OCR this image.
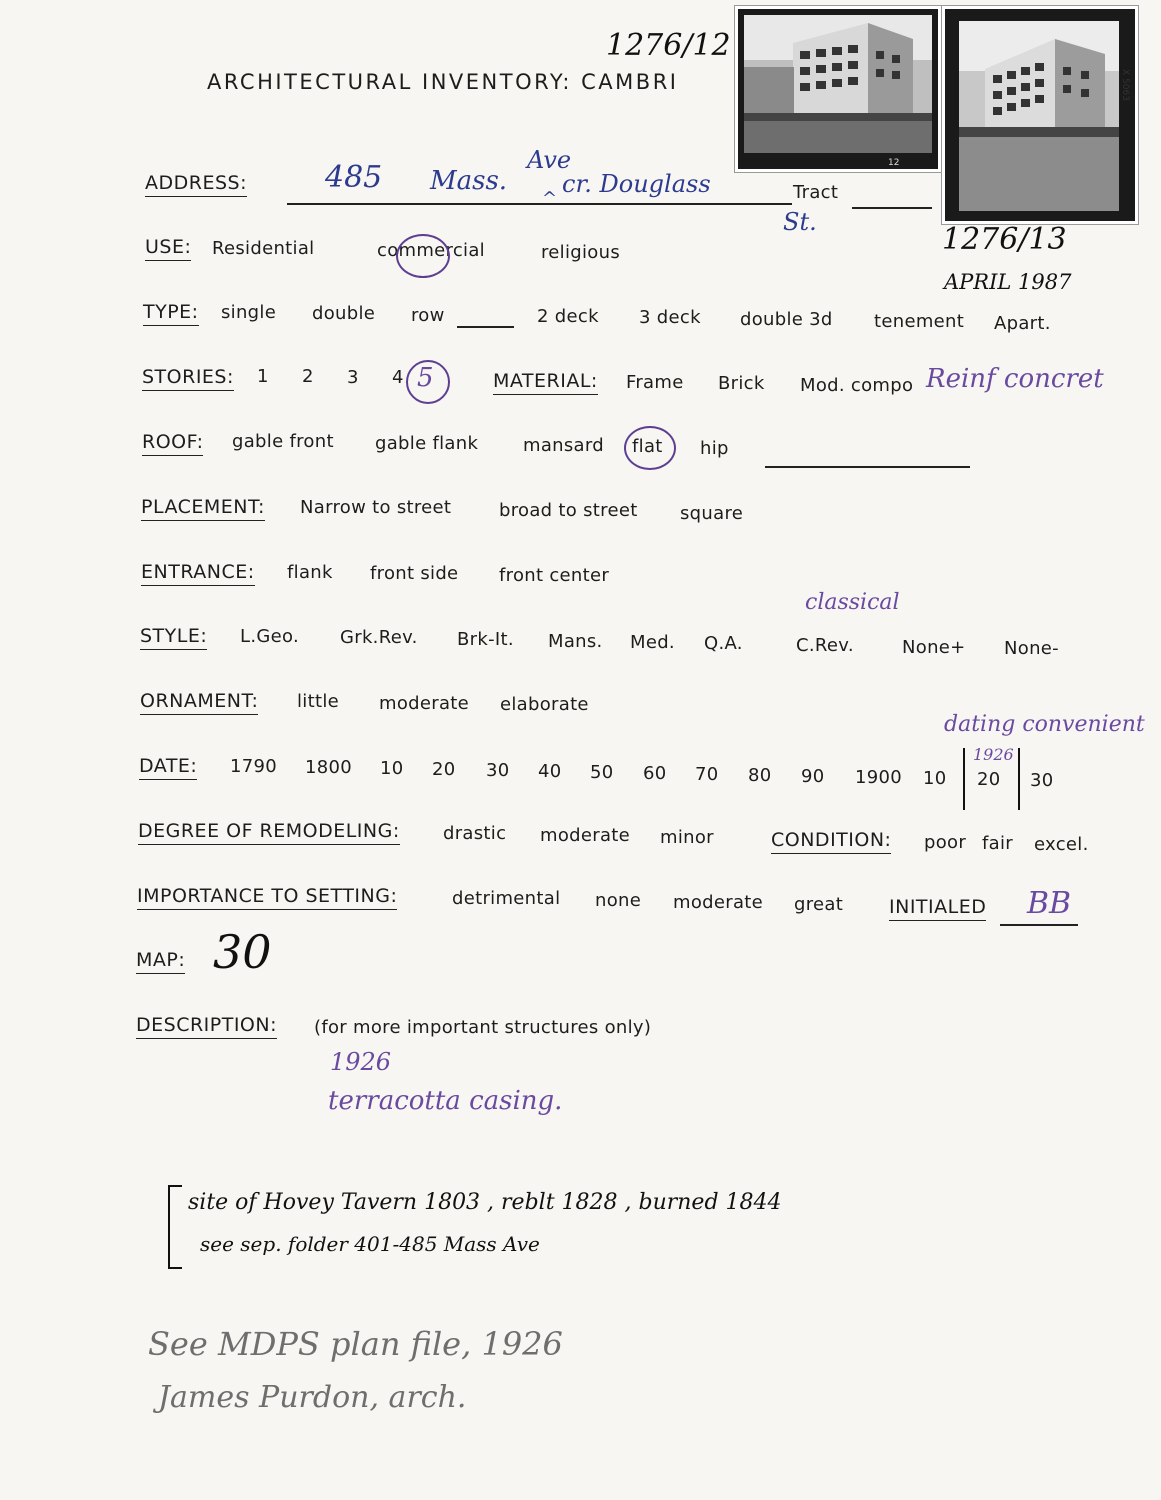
1276/12
ARCHITECTURAL INVENTORY: CAMBRI
12
X 5063
1276/13
APRIL 1987
ADDRESS:	485 Mass.
Ave
^
cr. Douglass
St.
Tract
USE: Residential	commercial	religious
TYPE: single double row	2 deck 3 deck double 3d tenement Apart.
STORIES: 1 2 3 4 5	MATERIAL: Frame Brick Mod. compo Reinf concret
ROOF: gable front gable flank mansard flat hip
PLACEMENT: Narrow to street	broad to street square
ENTRANCE: flank front side front center
classical
STYLE: L.Geo. Grk.Rev. Brk-It. Mans. Med. Q.A.	C.Rev.	None+ None-
ORNAMENT: little moderate elaborate
dating convenient
DATE: 1790 1800 10 20 30 40 50 60 70 80 90 1900 10 20 30
1926
DEGREE OF REMODELING: drastic moderate minor	CONDITION: poor fair excel.
IMPORTANCE TO SETTING:	detrimental none moderate great INITIALED BB
MAP: 30
DESCRIPTION: (for more important structures only)
1926
terracotta casing.
site of Hovey Tavern 1803 , reblt 1828 , burned 1844
see sep. folder 401-485 Mass Ave
See MDPS plan file, 1926
James Purdon, arch.
